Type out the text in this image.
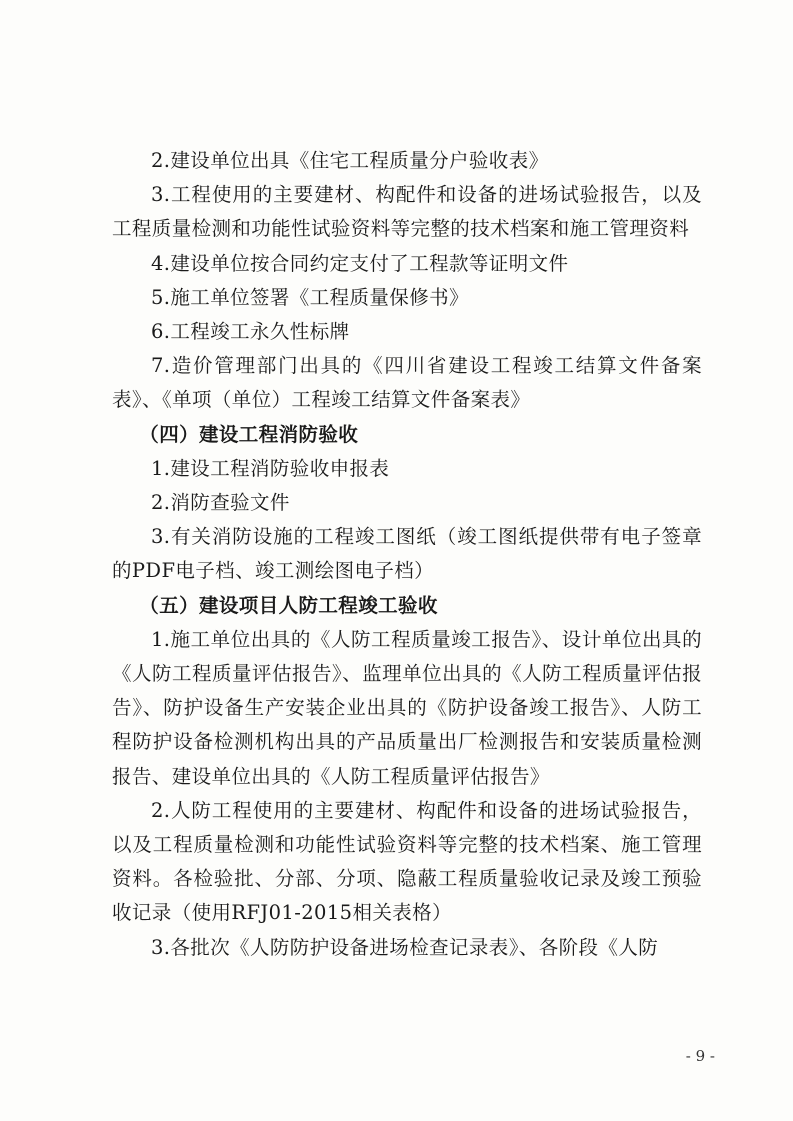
2.建设单位出具《住宅工程质量分户验收表》

3.工程使用的主要建材、构配件和设备的进场试验报告，以及工程质量检测和功能性试验资料等完整的技术档案和施工管理资料

4.建设单位按合同约定支付了工程款等证明文件

5.施工单位签署《工程质量保修书》

6.工程竣工永久性标牌

7.造价管理部门出具的《四川省建设工程竣工结算文件备案表》、《单项（单位）工程竣工结算文件备案表》

（四）建设工程消防验收

1.建设工程消防验收申报表

2.消防查验文件

3.有关消防设施的工程竣工图纸（竣工图纸提供带有电子签章的PDF电子档、竣工测绘图电子档）

（五）建设项目人防工程竣工验收

1.施工单位出具的《人防工程质量竣工报告》、设计单位出具的《人防工程质量评估报告》、监理单位出具的《人防工程质量评估报告》、防护设备生产安装企业出具的《防护设备竣工报告》、人防工程防护设备检测机构出具的产品质量出厂检测报告和安装质量检测报告、建设单位出具的《人防工程质量评估报告》

2.人防工程使用的主要建材、构配件和设备的进场试验报告，以及工程质量检测和功能性试验资料等完整的技术档案、施工管理资料。各检验批、分部、分项、隐蔽工程质量验收记录及竣工预验收记录（使用RFJ01-2015相关表格）

3.各批次《人防防护设备进场检查记录表》、各阶段《人防

- 9 -
